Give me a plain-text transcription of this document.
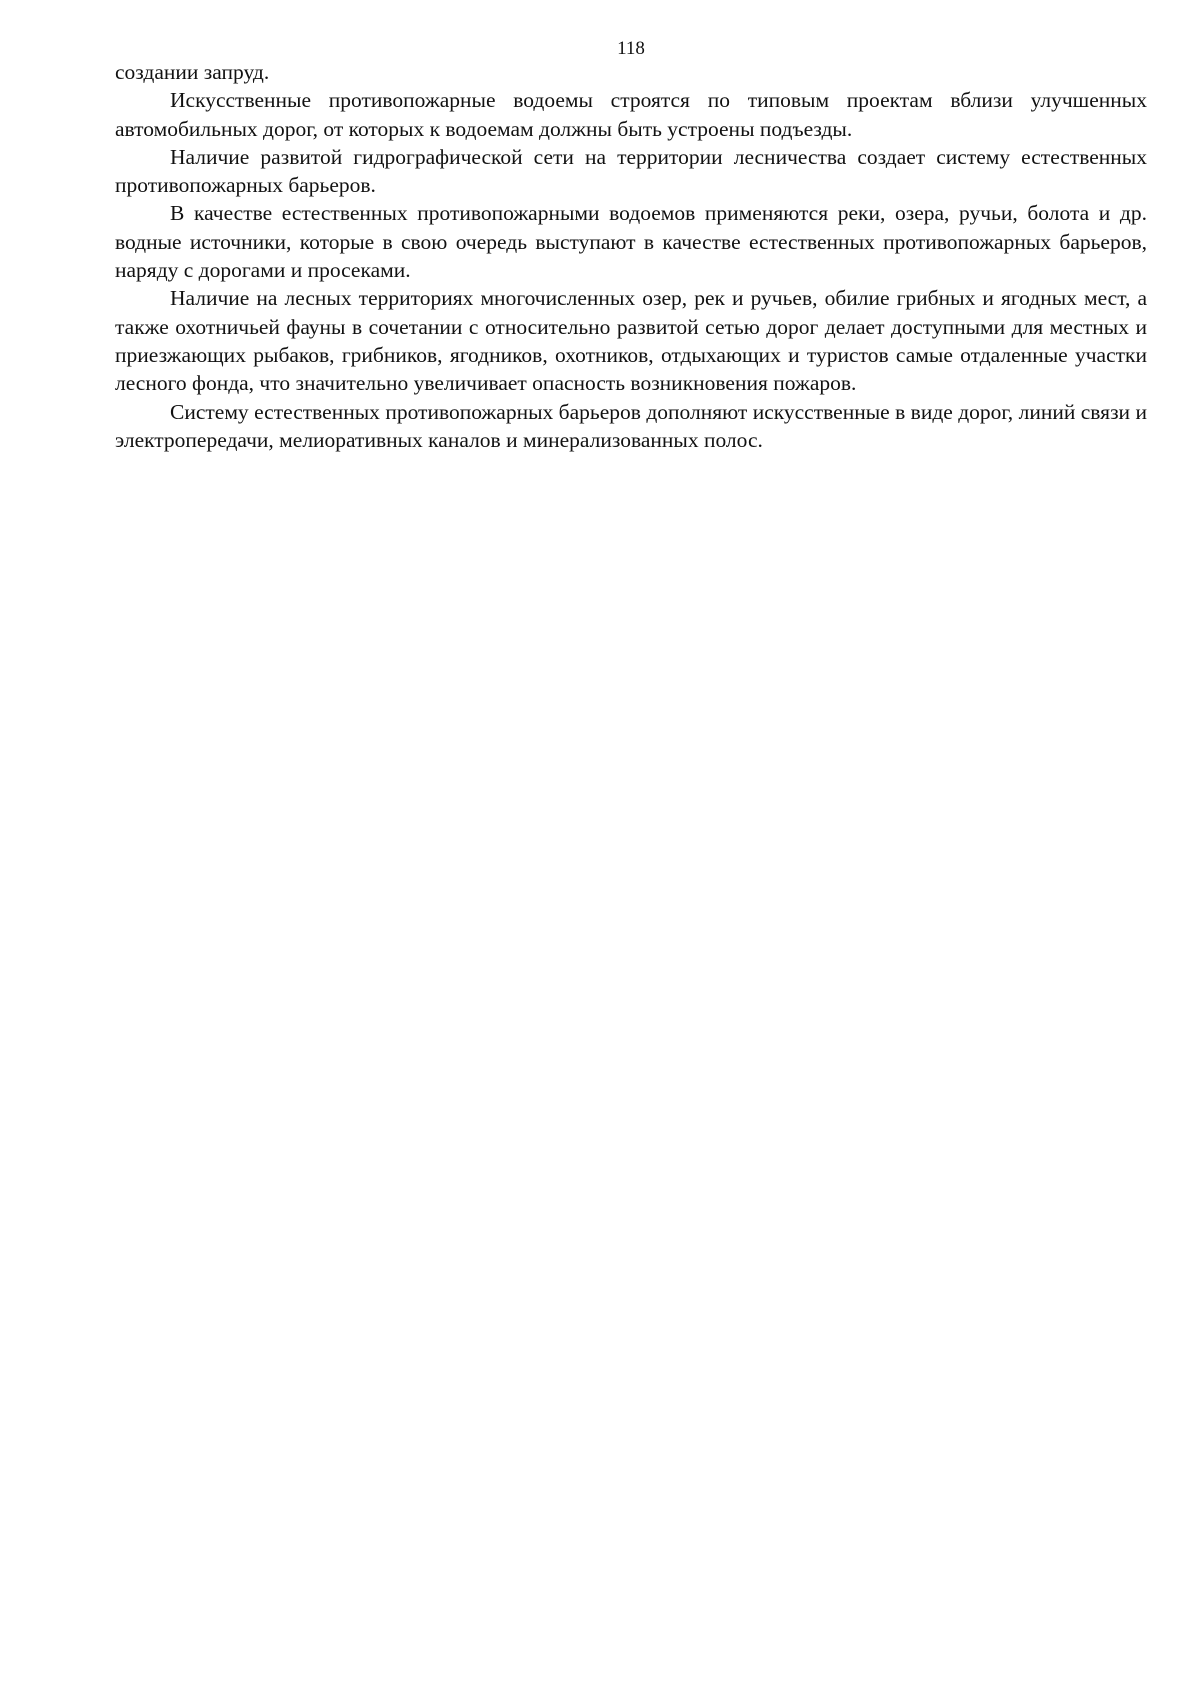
118

создании запруд.

Искусственные противопожарные водоемы строятся по типовым проектам вблизи улучшенных автомобильных дорог, от которых к водоемам должны быть устроены подъезды.

Наличие развитой гидрографической сети на территории лесничества создает систему естественных противопожарных барьеров.

В качестве естественных противопожарными водоемов применяются реки, озера, ручьи, болота и др. водные источники, которые в свою очередь выступают в качестве естественных противопожарных барьеров, наряду с дорогами и просеками.

Наличие на лесных территориях многочисленных озер, рек и ручьев, обилие грибных и ягодных мест, а также охотничьей фауны в сочетании с относительно развитой сетью дорог делает доступными для местных и приезжающих рыбаков, грибников, ягодников, охотников, отдыхающих и туристов самые отдаленные участки лесного фонда, что значительно увеличивает опасность возникновения пожаров.

Систему естественных противопожарных барьеров дополняют искусственные в виде дорог, линий связи и электропередачи, мелиоративных каналов и минерализованных полос.
